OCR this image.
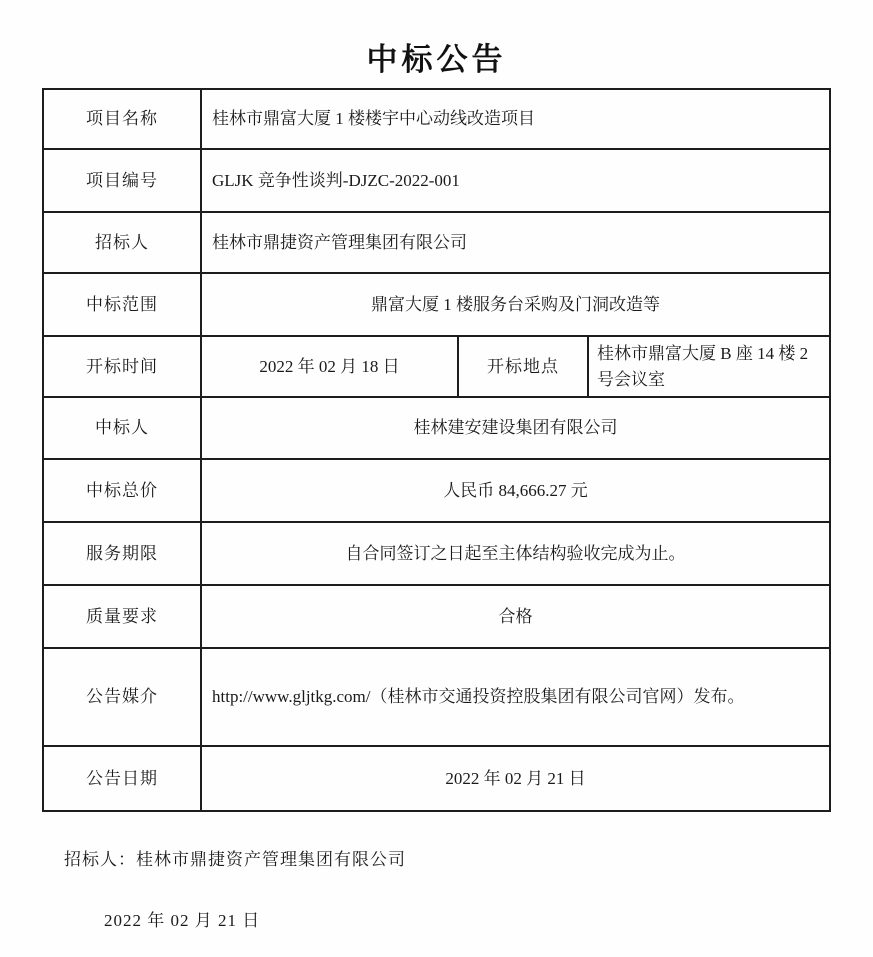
中标公告
项目名称	桂林市鼎富大厦 1 楼楼宇中心动线改造项目		
项目编号	GLJK 竞争性谈判-DJZC-2022-001		
招标人	桂林市鼎捷资产管理集团有限公司		
中标范围	鼎富大厦 1 楼服务台采购及门洞改造等		
开标时间	2022 年 02 月 18 日	开标地点	桂林市鼎富大厦 B 座 14 楼 2 号会议室
中标人	桂林建安建设集团有限公司		
中标总价	人民币 84,666.27 元		
服务期限	自合同签订之日起至主体结构验收完成为止。		
质量要求	合格		
公告媒介	http://www.gljtkg.com/（桂林市交通投资控股集团有限公司官网）发布。		
公告日期	2022 年 02 月 21 日		
招标人：桂林市鼎捷资产管理集团有限公司
2022 年 02 月 21 日
